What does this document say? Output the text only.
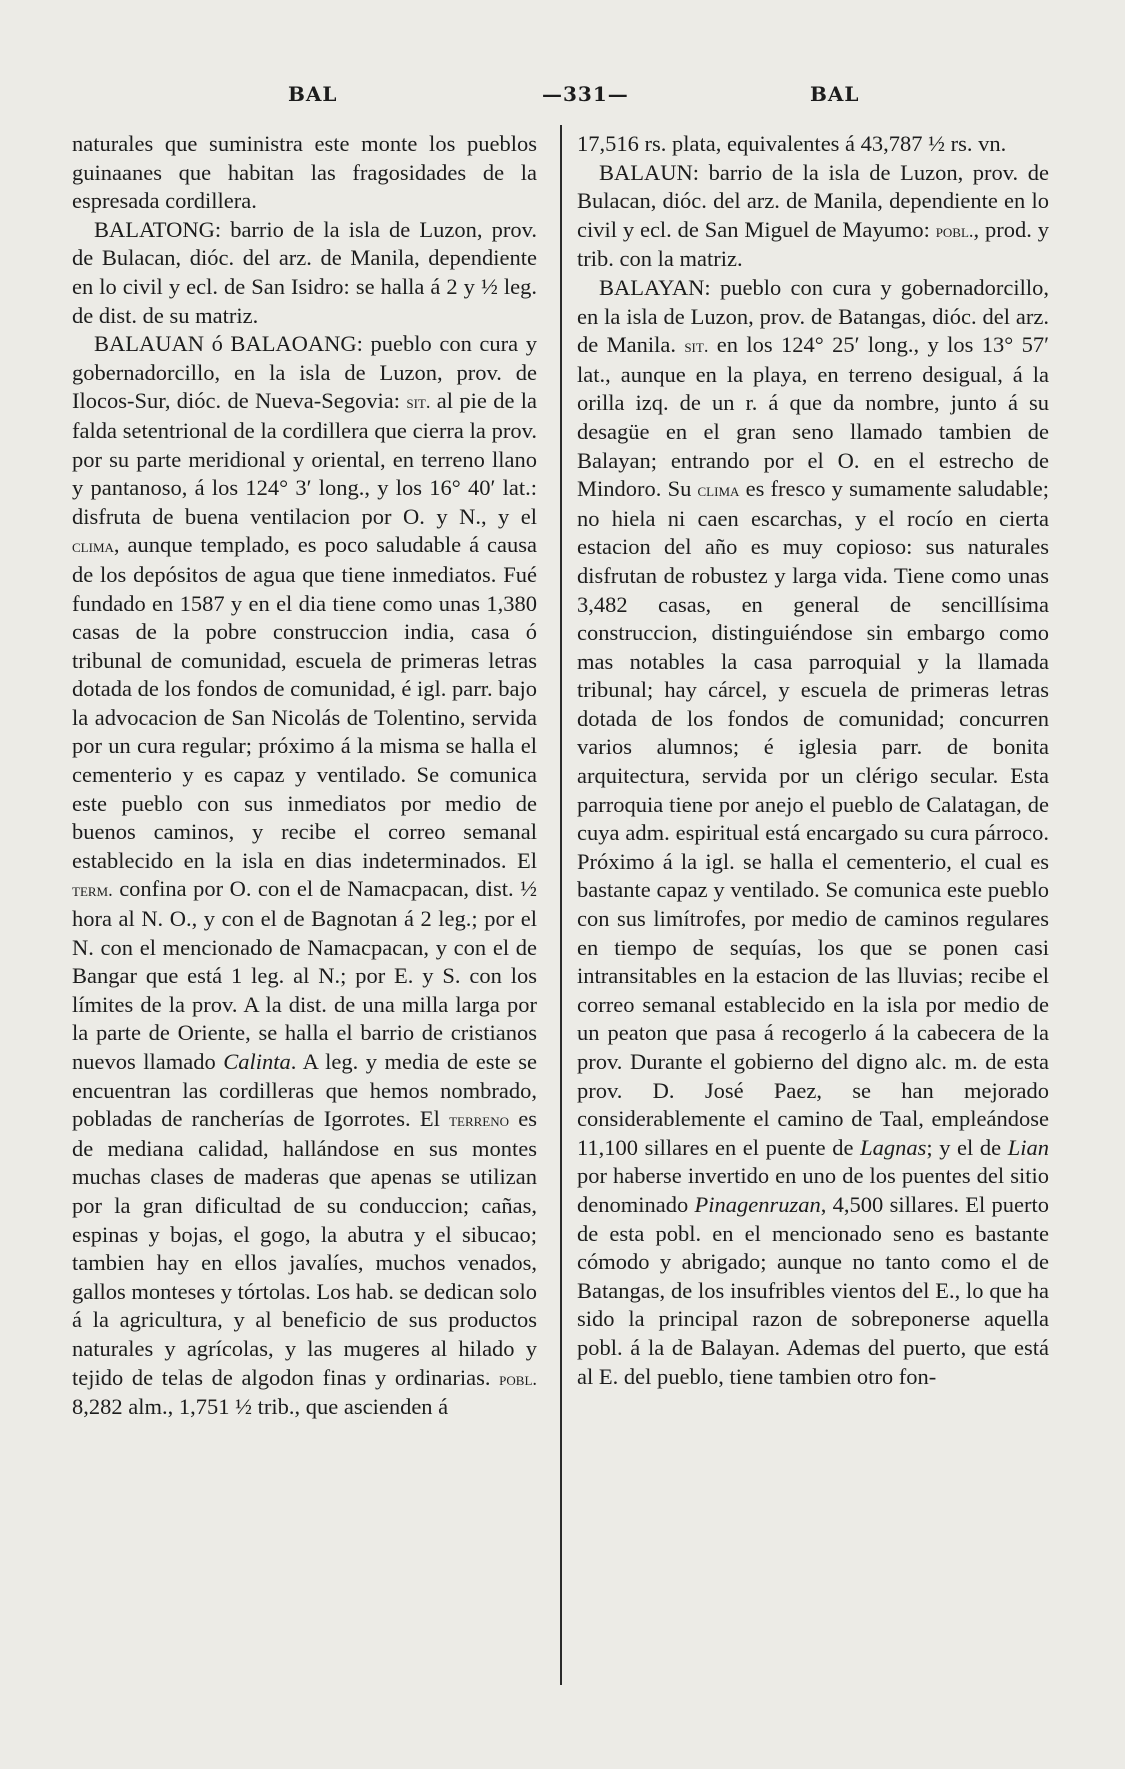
BAL	—331—	BAL

naturales que suministra este monte los pueblos guinaanes que habitan las fragosidades de la espresada cordillera.

BALATONG: barrio de la isla de Luzon, prov. de Bulacan, dióc. del arz. de Manila, dependiente en lo civil y ecl. de San Isidro: se halla á 2 y ½ leg. de dist. de su matriz.

BALAUAN ó BALAOANG: pueblo con cura y gobernadorcillo, en la isla de Luzon, prov. de Ilocos-Sur, dióc. de Nueva-Segovia: sit. al pie de la falda setentrional de la cordillera que cierra la prov. por su parte meridional y oriental, en terreno llano y pantanoso, á los 124° 3′ long., y los 16° 40′ lat.: disfruta de buena ventilacion por O. y N., y el clima, aunque templado, es poco saludable á causa de los depósitos de agua que tiene inmediatos. Fué fundado en 1587 y en el dia tiene como unas 1,380 casas de la pobre construccion india, casa ó tribunal de comunidad, escuela de primeras letras dotada de los fondos de comunidad, é igl. parr. bajo la advocacion de San Nicolás de Tolentino, servida por un cura regular; próximo á la misma se halla el cementerio y es capaz y ventilado. Se comunica este pueblo con sus inmediatos por medio de buenos caminos, y recibe el correo semanal establecido en la isla en dias indeterminados. El term. confina por O. con el de Namacpacan, dist. ½ hora al N. O., y con el de Bagnotan á 2 leg.; por el N. con el mencionado de Namacpacan, y con el de Bangar que está 1 leg. al N.; por E. y S. con los límites de la prov. A la dist. de una milla larga por la parte de Oriente, se halla el barrio de cristianos nuevos llamado Calinta. A leg. y media de este se encuentran las cordilleras que hemos nombrado, pobladas de rancherías de Igorrotes. El terreno es de mediana calidad, hallándose en sus montes muchas clases de maderas que apenas se utilizan por la gran dificultad de su conduccion; cañas, espinas y bojas, el gogo, la abutra y el sibucao; tambien hay en ellos javalíes, muchos venados, gallos monteses y tórtolas. Los hab. se dedican solo á la agricultura, y al beneficio de sus productos naturales y agrícolas, y las mugeres al hilado y tejido de telas de algodon finas y ordinarias. pobl. 8,282 alm., 1,751 ½ trib., que ascienden á

17,516 rs. plata, equivalentes á 43,787 ½ rs. vn.

BALAUN: barrio de la isla de Luzon, prov. de Bulacan, dióc. del arz. de Manila, dependiente en lo civil y ecl. de San Miguel de Mayumo: pobl., prod. y trib. con la matriz.

BALAYAN: pueblo con cura y gobernadorcillo, en la isla de Luzon, prov. de Batangas, dióc. del arz. de Manila. sit. en los 124° 25′ long., y los 13° 57′ lat., aunque en la playa, en terreno desigual, á la orilla izq. de un r. á que da nombre, junto á su desagüe en el gran seno llamado tambien de Balayan; entrando por el O. en el estrecho de Mindoro. Su clima es fresco y sumamente saludable; no hiela ni caen escarchas, y el rocío en cierta estacion del año es muy copioso: sus naturales disfrutan de robustez y larga vida. Tiene como unas 3,482 casas, en general de sencillísima construccion, distinguiéndose sin embargo como mas notables la casa parroquial y la llamada tribunal; hay cárcel, y escuela de primeras letras dotada de los fondos de comunidad; concurren varios alumnos; é iglesia parr. de bonita arquitectura, servida por un clérigo secular. Esta parroquia tiene por anejo el pueblo de Calatagan, de cuya adm. espiritual está encargado su cura párroco. Próximo á la igl. se halla el cementerio, el cual es bastante capaz y ventilado. Se comunica este pueblo con sus limítrofes, por medio de caminos regulares en tiempo de sequías, los que se ponen casi intransitables en la estacion de las lluvias; recibe el correo semanal establecido en la isla por medio de un peaton que pasa á recogerlo á la cabecera de la prov. Durante el gobierno del digno alc. m. de esta prov. D. José Paez, se han mejorado considerablemente el camino de Taal, empleándose 11,100 sillares en el puente de Lagnas; y el de Lian por haberse invertido en uno de los puentes del sitio denominado Pinagenruzan, 4,500 sillares. El puerto de esta pobl. en el mencionado seno es bastante cómodo y abrigado; aunque no tanto como el de Batangas, de los insufribles vientos del E., lo que ha sido la principal razon de sobreponerse aquella pobl. á la de Balayan. Ademas del puerto, que está al E. del pueblo, tiene tambien otro fon-
